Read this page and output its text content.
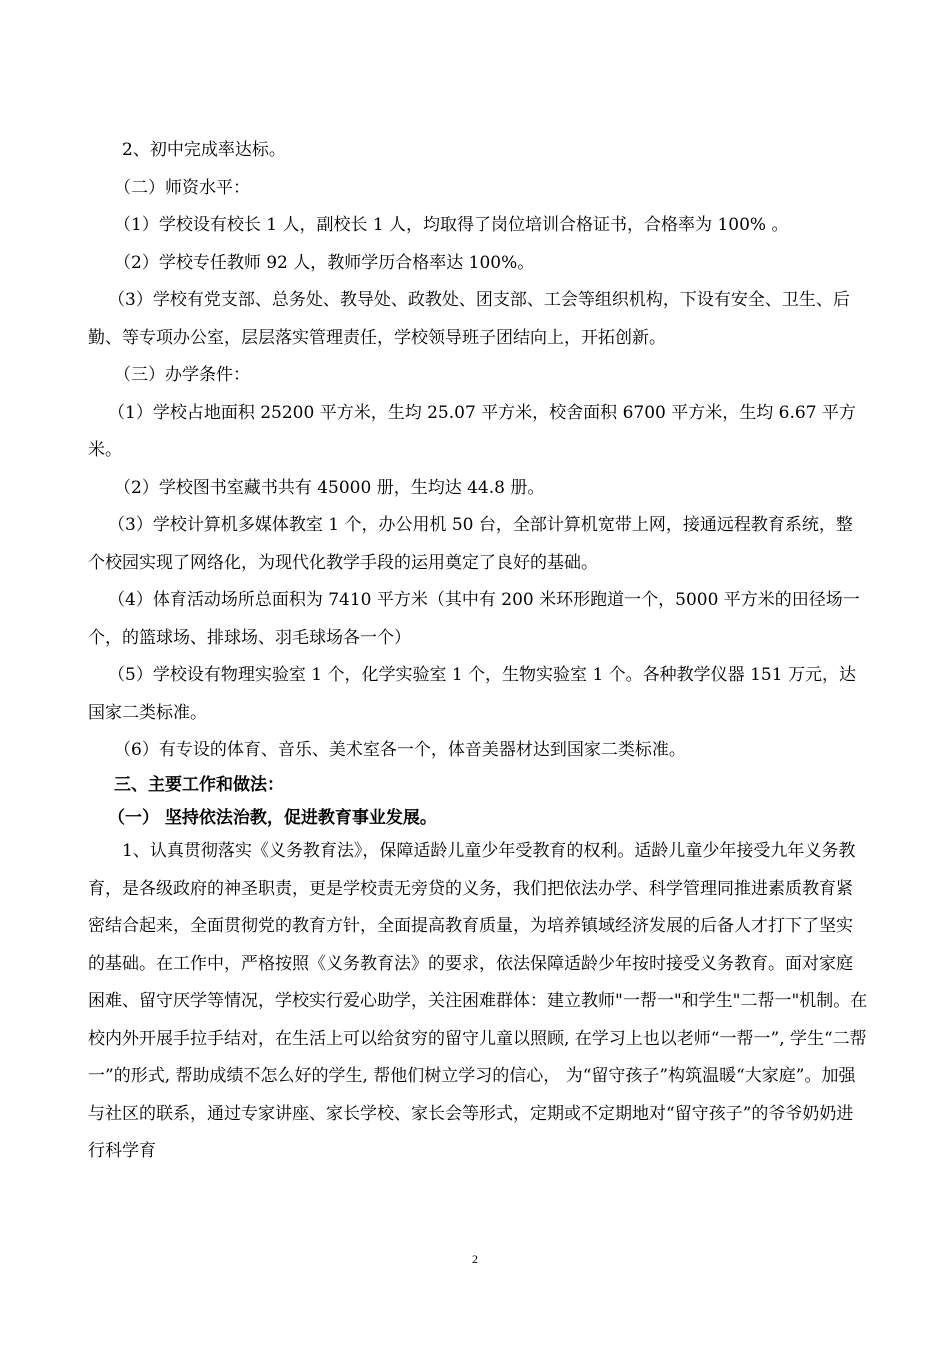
2、初中完成率达标。

（二）师资水平：

（1）学校设有校长 1 人，副校长 1 人，均取得了岗位培训合格证书，合格率为 100% 。

（2）学校专任教师 92 人，教师学历合格率达 100%。

（3）学校有党支部、总务处、教导处、政教处、团支部、工会等组织机构，下设有安全、卫生、后勤、等专项办公室，层层落实管理责任，学校领导班子团结向上，开拓创新。

（三）办学条件：

（1）学校占地面积 25200 平方米，生均 25.07 平方米，校舍面积 6700 平方米，生均 6.67 平方米。

（2）学校图书室藏书共有 45000 册，生均达 44.8 册。

（3）学校计算机多媒体教室 1 个，办公用机 50 台，全部计算机宽带上网，接通远程教育系统，整个校园实现了网络化，为现代化教学手段的运用奠定了良好的基础。

（4）体育活动场所总面积为 7410 平方米（其中有 200 米环形跑道一个，5000 平方米的田径场一个，的篮球场、排球场、羽毛球场各一个）

（5）学校设有物理实验室 1 个，化学实验室 1 个，生物实验室 1 个。各种教学仪器 151 万元，达国家二类标准。

（6）有专设的体育、音乐、美术室各一个，体音美器材达到国家二类标准。

三、主要工作和做法：

（一） 坚持依法治教，促进教育事业发展。

1、认真贯彻落实《义务教育法》，保障适龄儿童少年受教育的权利。适龄儿童少年接受九年义务教育，是各级政府的神圣职责，更是学校责无旁贷的义务，我们把依法办学、科学管理同推进素质教育紧密结合起来，全面贯彻党的教育方针，全面提高教育质量，为培养镇域经济发展的后备人才打下了坚实的基础。在工作中，严格按照《义务教育法》的要求，依法保障适龄少年按时接受义务教育。面对家庭困难、留守厌学等情况，学校实行爱心助学，关注困难群体：建立教师"一帮一"和学生"二帮一"机制。在校内外开展手拉手结对，在生活上可以给贫穷的留守儿童以照顾, 在学习上也以老师“一帮一”, 学生“二帮一”的形式, 帮助成绩不怎么好的学生, 帮他们树立学习的信心， 为“留守孩子”构筑温暖“大家庭”。加强与社区的联系，通过专家讲座、家长学校、家长会等形式，定期或不定期地对“留守孩子”的爷爷奶奶进行科学育

2
